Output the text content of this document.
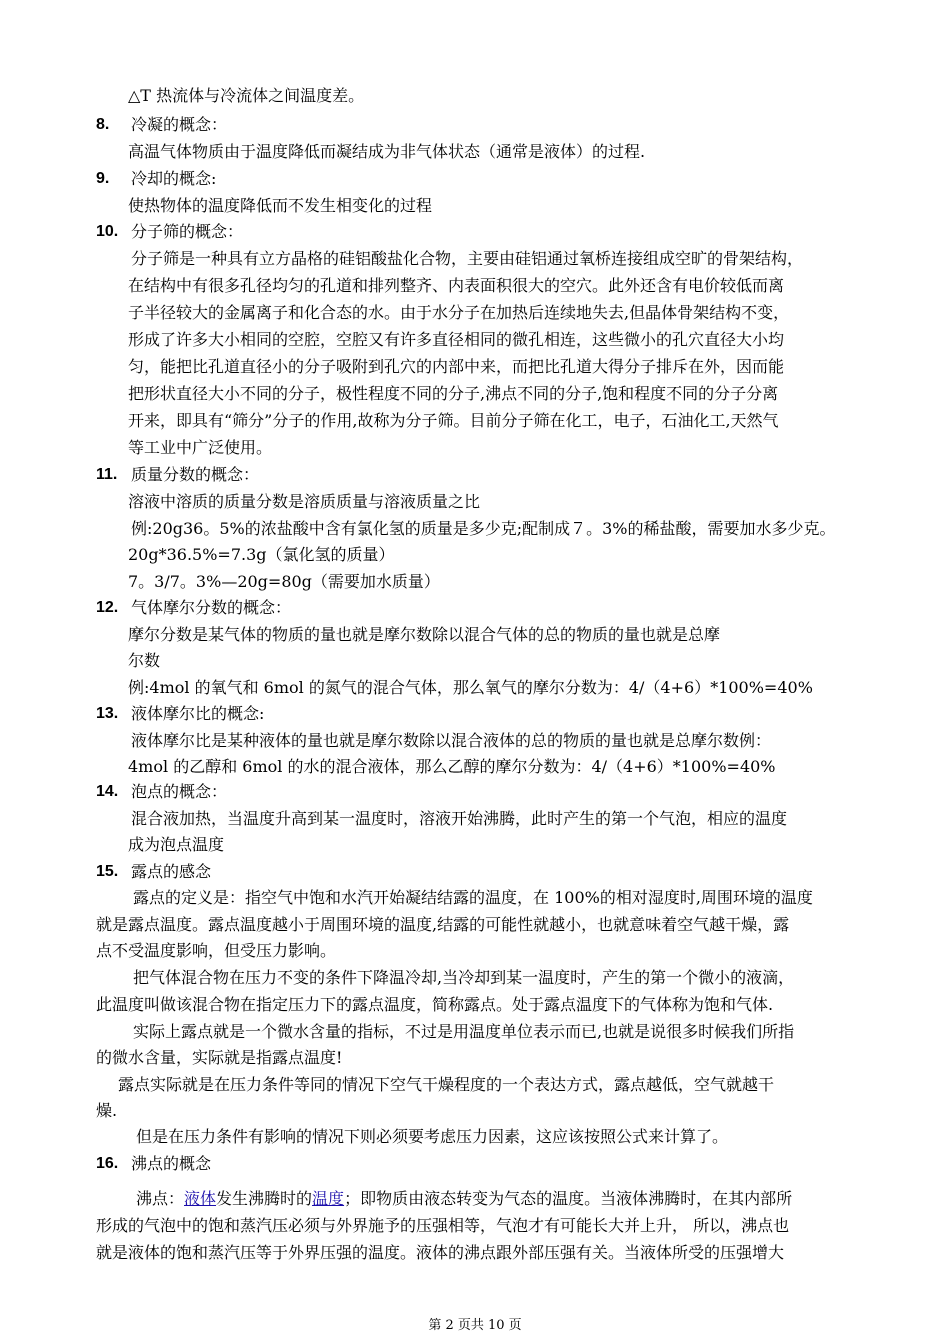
△T 热流体与冷流体之间温度差。
高温气体物质由于温度降低而凝结成为非气体状态（通常是液体）的过程.
使热物体的温度降低而不发生相变化的过程
分子筛是一种具有立方晶格的硅铝酸盐化合物，主要由硅铝通过氧桥连接组成空旷的骨架结构，
在结构中有很多孔径均匀的孔道和排列整齐、内表面积很大的空穴。此外还含有电价较低而离
子半径较大的金属离子和化合态的水。由于水分子在加热后连续地失去,但晶体骨架结构不变，
形成了许多大小相同的空腔，空腔又有许多直径相同的微孔相连，这些微小的孔穴直径大小均
匀，能把比孔道直径小的分子吸附到孔穴的内部中来，而把比孔道大得分子排斥在外，因而能
把形状直径大小不同的分子，极性程度不同的分子,沸点不同的分子,饱和程度不同的分子分离
开来，即具有“筛分”分子的作用,故称为分子筛。目前分子筛在化工，电子，石油化工,天然气
等工业中广泛使用。
溶液中溶质的质量分数是溶质质量与溶液质量之比
例:20g36。5%的浓盐酸中含有氯化氢的质量是多少克;配制成７。3%的稀盐酸，需要加水多少克。
20g*36.5%=7.3g（氯化氢的质量）
7。3/7。3%—20g=80g（需要加水质量）
摩尔分数是某气体的物质的量也就是摩尔数除以混合气体的总的物质的量也就是总摩
尔数
例:4mol 的氧气和 6mol 的氮气的混合气体，那么氧气的摩尔分数为：4/（4+6）*100%=40%
液体摩尔比是某种液体的量也就是摩尔数除以混合液体的总的物质的量也就是总摩尔数例：
4mol 的乙醇和 6mol 的水的混合液体，那么乙醇的摩尔分数为：4/（4+6）*100%=40%
混合液加热，当温度升高到某一温度时，溶液开始沸腾，此时产生的第一个气泡，相应的温度
成为泡点温度
露点的定义是：指空气中饱和水汽开始凝结结露的温度，在 100%的相对湿度时,周围环境的温度
就是露点温度。露点温度越小于周围环境的温度,结露的可能性就越小，也就意味着空气越干燥，露
点不受温度影响，但受压力影响。
把气体混合物在压力不变的条件下降温冷却,当冷却到某一温度时，产生的第一个微小的液滴，
此温度叫做该混合物在指定压力下的露点温度，简称露点。处于露点温度下的气体称为饱和气体.
实际上露点就是一个微水含量的指标，不过是用温度单位表示而已,也就是说很多时候我们所指
的微水含量，实际就是指露点温度!
露点实际就是在压力条件等同的情况下空气干燥程度的一个表达方式，露点越低，空气就越干
燥.
但是在压力条件有影响的情况下则必须要考虑压力因素，这应该按照公式来计算了。
形成的气泡中的饱和蒸汽压必须与外界施予的压强相等，气泡才有可能长大并上升， 所以，沸点也
就是液体的饱和蒸汽压等于外界压强的温度。液体的沸点跟外部压强有关。当液体所受的压强增大
8. 冷凝的概念：
9. 冷却的概念:
10. 分子筛的概念：
11. 质量分数的概念：
12. 气体摩尔分数的概念：
13. 液体摩尔比的概念:
14. 泡点的概念：
15. 露点的感念
16. 沸点的概念
沸点：液体发生沸腾时的温度；即物质由液态转变为气态的温度。当液体沸腾时，在其内部所
第 2 页共 10 页
